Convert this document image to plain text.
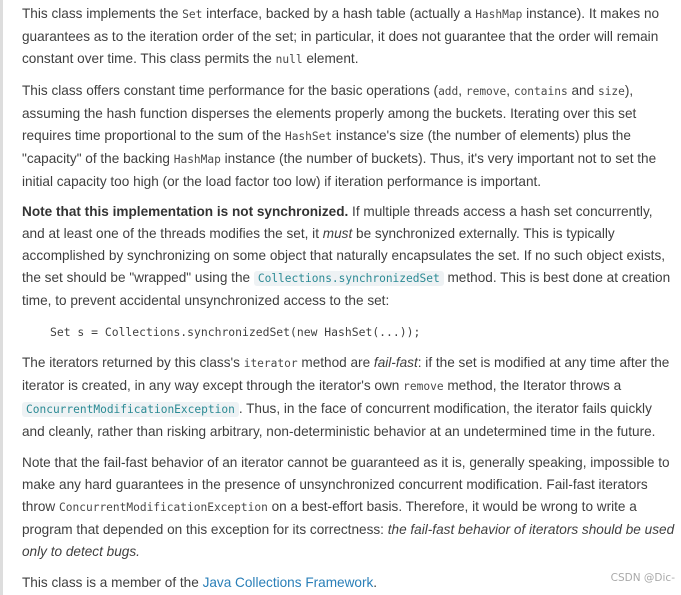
This class implements the Set interface, backed by a hash table (actually a HashMap instance). It makes no guarantees as to the iteration order of the set; in particular, it does not guarantee that the order will remain constant over time. This class permits the null element.

This class offers constant time performance for the basic operations (add, remove, contains and size), assuming the hash function disperses the elements properly among the buckets. Iterating over this set requires time proportional to the sum of the HashSet instance's size (the number of elements) plus the "capacity" of the backing HashMap instance (the number of buckets). Thus, it's very important not to set the initial capacity too high (or the load factor too low) if iteration performance is important.

Note that this implementation is not synchronized. If multiple threads access a hash set concurrently, and at least one of the threads modifies the set, it must be synchronized externally. This is typically accomplished by synchronizing on some object that naturally encapsulates the set. If no such object exists, the set should be "wrapped" using the Collections.synchronizedSet method. This is best done at creation time, to prevent accidental unsynchronized access to the set:

Set s = Collections.synchronizedSet(new HashSet(...));

The iterators returned by this class's iterator method are fail-fast: if the set is modified at any time after the iterator is created, in any way except through the iterator's own remove method, the Iterator throws a ConcurrentModificationException . Thus, in the face of concurrent modification, the iterator fails quickly and cleanly, rather than risking arbitrary, non-deterministic behavior at an undetermined time in the future.

Note that the fail-fast behavior of an iterator cannot be guaranteed as it is, generally speaking, impossible to make any hard guarantees in the presence of unsynchronized concurrent modification. Fail-fast iterators throw ConcurrentModificationException on a best-effort basis. Therefore, it would be wrong to write a program that depended on this exception for its correctness: the fail-fast behavior of iterators should be used only to detect bugs.

This class is a member of the Java Collections Framework.	CSDN @Dic-
